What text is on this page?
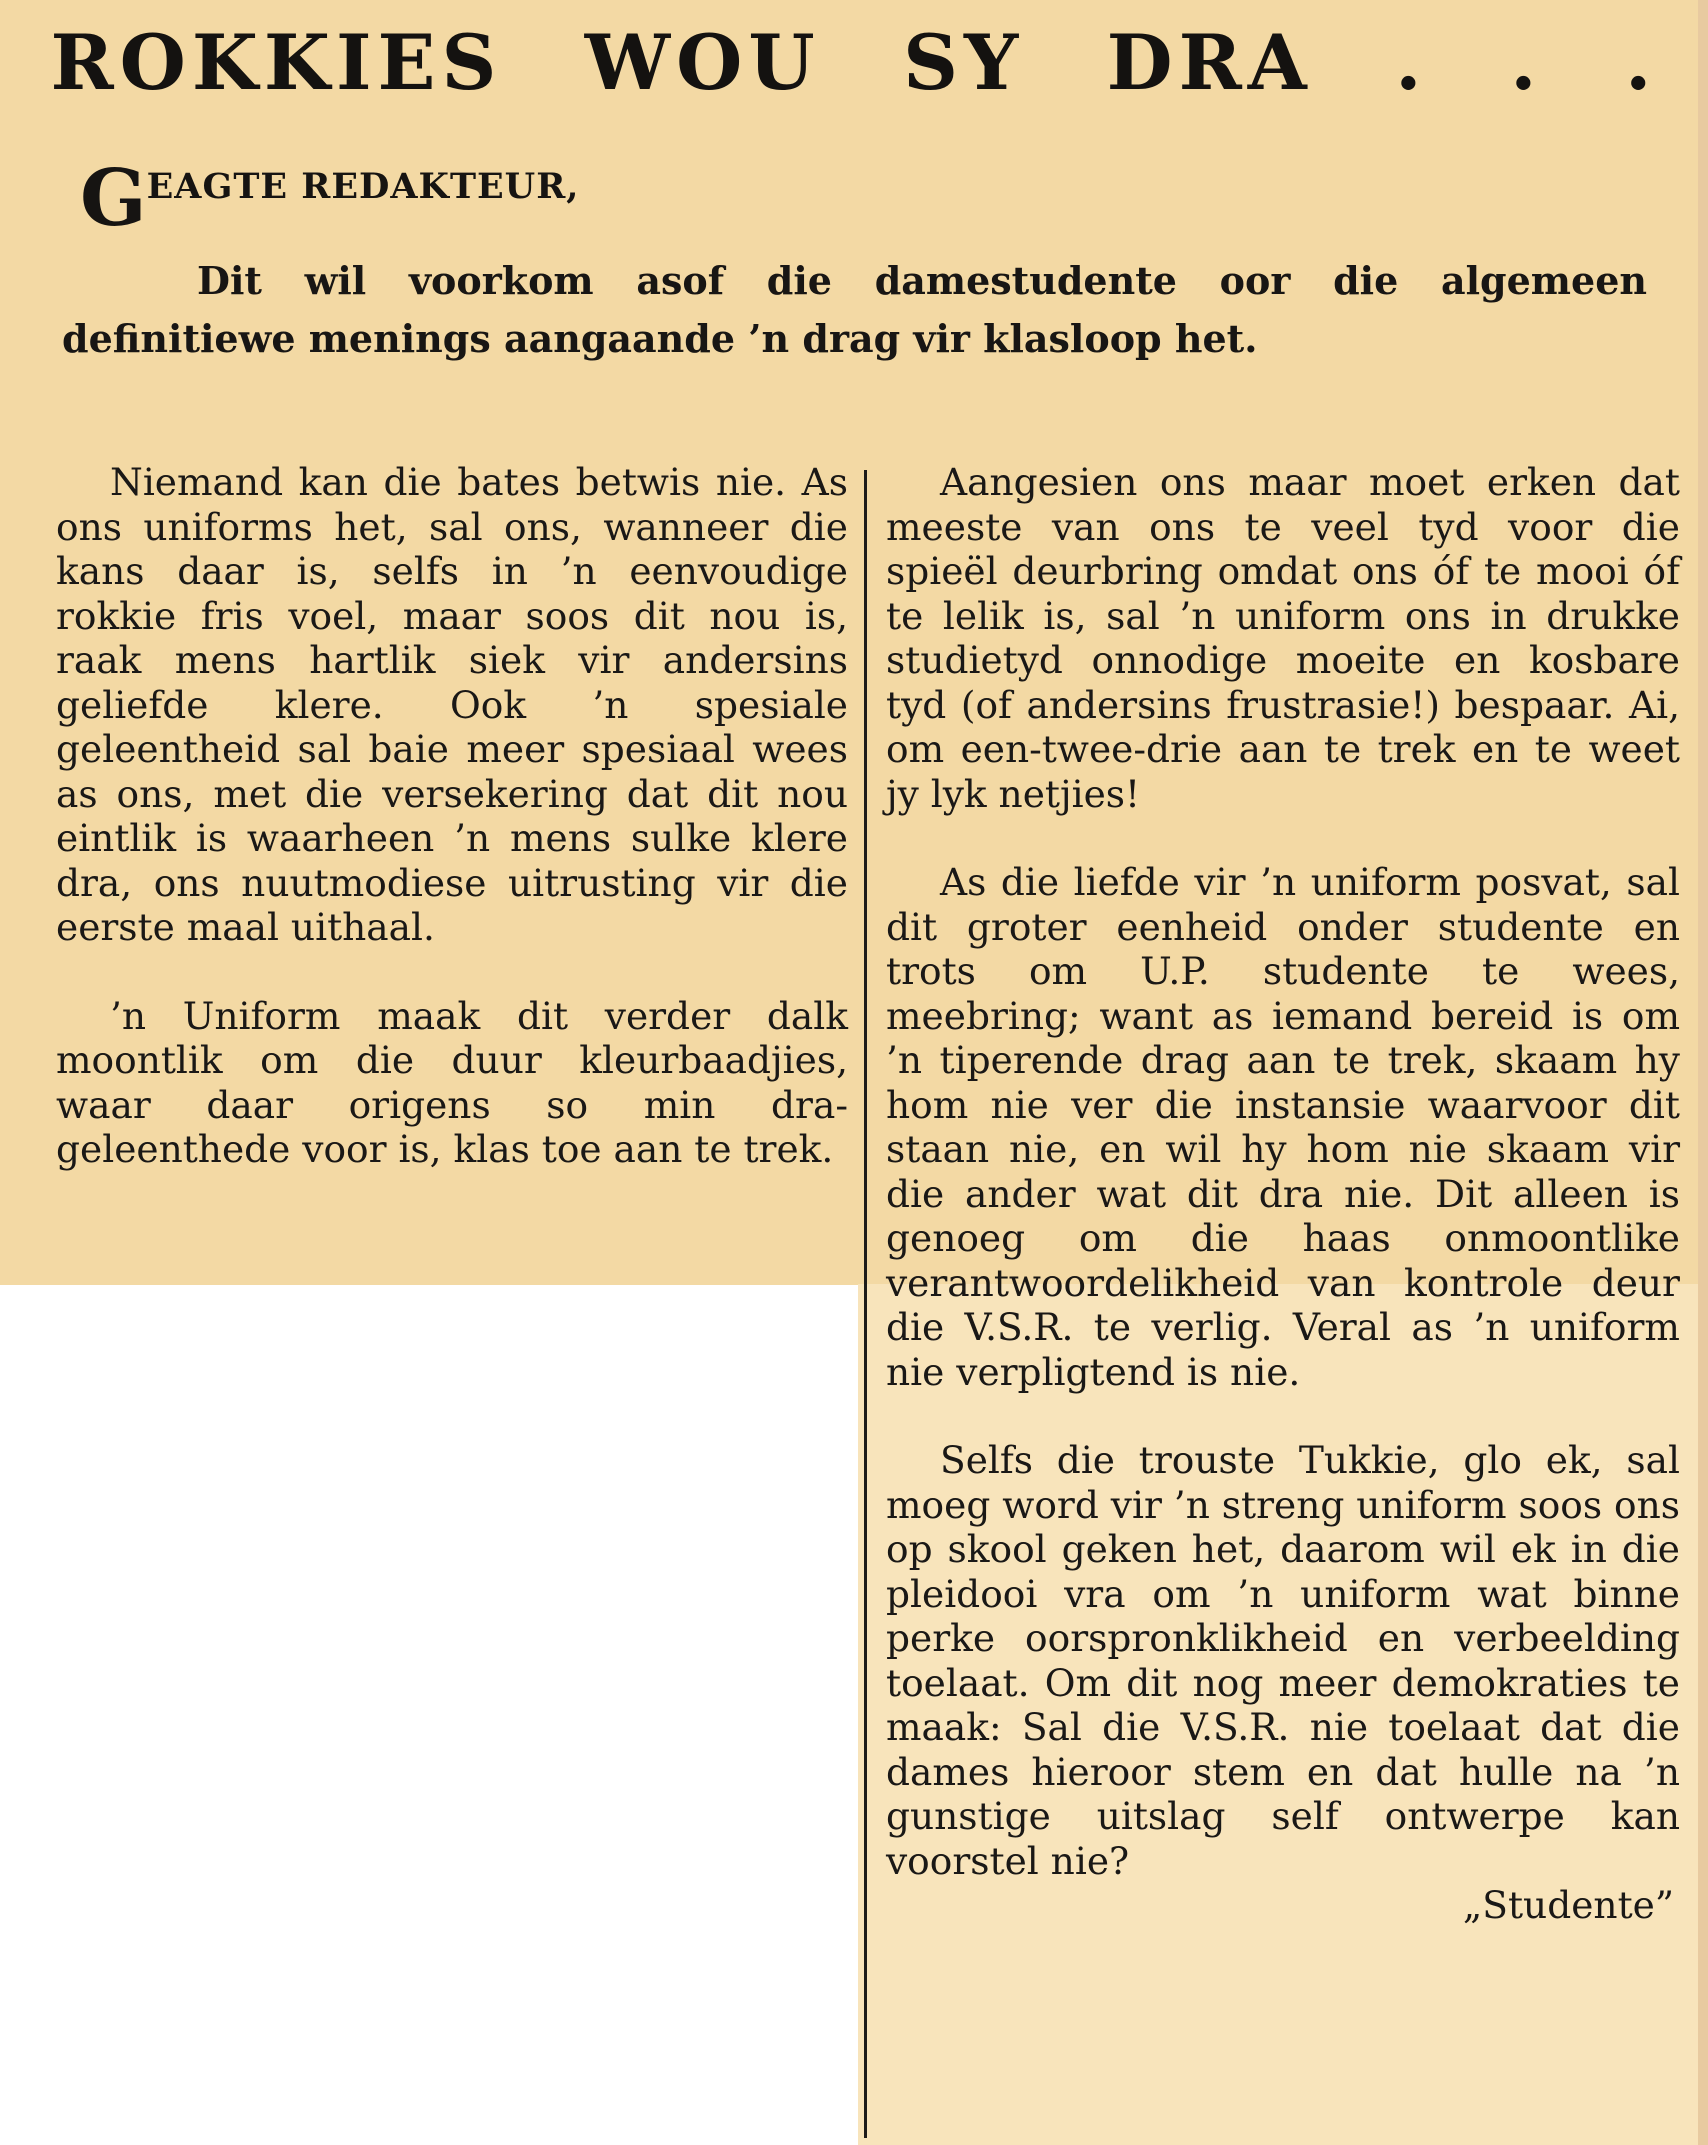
ROKKIES WOU SY DRA . . .

GEAGTE REDAKTEUR,

Dit wil voorkom asof die damestudente oor die algemeen definitiewe menings aangaande ’n drag vir klasloop het.

Niemand kan die bates betwis nie. As ons uniforms het, sal ons, wanneer die kans daar is, selfs in ’n eenvoudige rokkie fris voel, maar soos dit nou is, raak mens hartlik siek vir andersins geliefde klere. Ook ’n spesiale geleentheid sal baie meer spesiaal wees as ons, met die versekering dat dit nou eintlik is waarheen ’n mens sulke klere dra, ons nuutmodiese uitrusting vir die eerste maal uithaal.

’n Uniform maak dit verder dalk moontlik om die duur kleurbaadjies, waar daar origens so min dra-geleenthede voor is, klas toe aan te trek.

Aangesien ons maar moet erken dat meeste van ons te veel tyd voor die spieël deurbring omdat ons óf te mooi óf te lelik is, sal ’n uniform ons in drukke studietyd onnodige moeite en kosbare tyd (of andersins frustrasie!) bespaar. Ai, om een-twee-drie aan te trek en te weet jy lyk netjies!

As die liefde vir ’n uniform posvat, sal dit groter eenheid onder studente en trots om U.P. studente te wees, meebring; want as iemand bereid is om ’n tiperende drag aan te trek, skaam hy hom nie ver die instansie waarvoor dit staan nie, en wil hy hom nie skaam vir die ander wat dit dra nie. Dit alleen is genoeg om die haas onmoontlike verantwoordelikheid van kontrole deur die V.S.R. te verlig. Veral as ’n uniform nie verpligtend is nie.

Selfs die trouste Tukkie, glo ek, sal moeg word vir ’n streng uniform soos ons op skool geken het, daarom wil ek in die pleidooi vra om ’n uniform wat binne perke oorspronklikheid en verbeelding toelaat. Om dit nog meer demokraties te maak: Sal die V.S.R. nie toelaat dat die dames hieroor stem en dat hulle na ’n gunstige uitslag self ontwerpe kan voorstel nie?

„Studente”
